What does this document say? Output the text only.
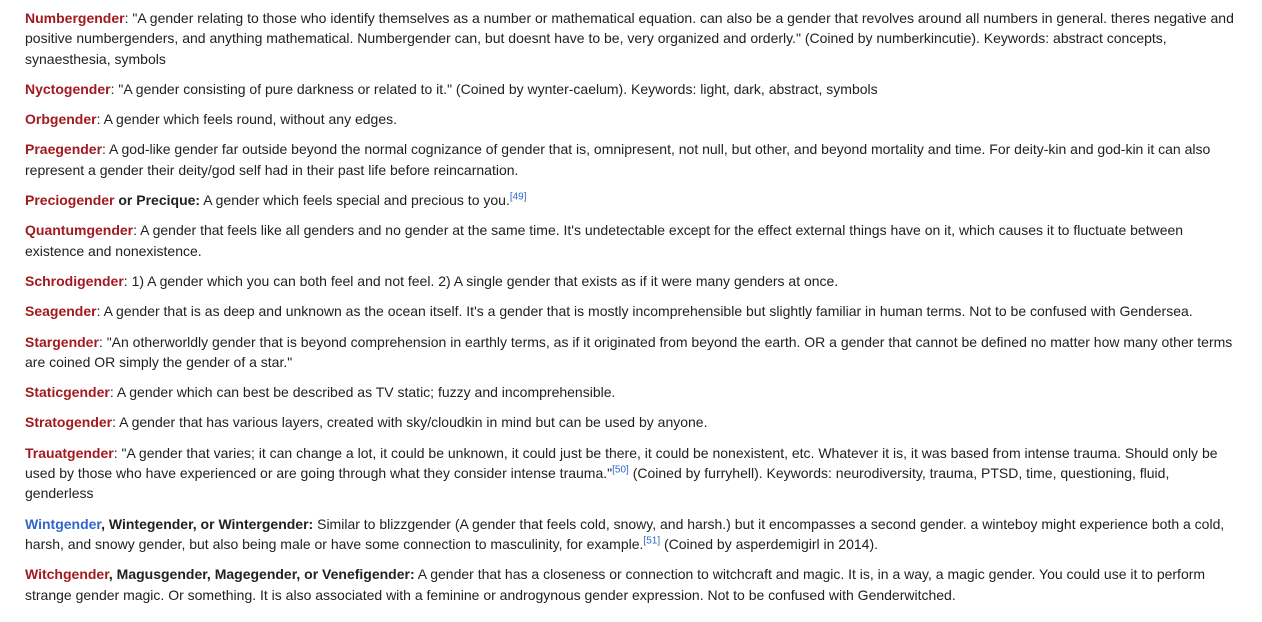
Numbergender: "A gender relating to those who identify themselves as a number or mathematical equation. can also be a gender that revolves around all numbers in general. theres negative and positive numbergenders, and anything mathematical. Numbergender can, but doesnt have to be, very organized and orderly." (Coined by numberkincutie). Keywords: abstract concepts, synaesthesia, symbols

Nyctogender: "A gender consisting of pure darkness or related to it." (Coined by wynter-caelum). Keywords: light, dark, abstract, symbols

Orbgender: A gender which feels round, without any edges.

Praegender: A god-like gender far outside beyond the normal cognizance of gender that is, omnipresent, not null, but other, and beyond mortality and time. For deity-kin and god-kin it can also represent a gender their deity/god self had in their past life before reincarnation.

Preciogender or Precique: A gender which feels special and precious to you.[49]

Quantumgender: A gender that feels like all genders and no gender at the same time. It's undetectable except for the effect external things have on it, which causes it to fluctuate between existence and nonexistence.

Schrodigender: 1) A gender which you can both feel and not feel. 2) A single gender that exists as if it were many genders at once.

Seagender: A gender that is as deep and unknown as the ocean itself. It's a gender that is mostly incomprehensible but slightly familiar in human terms. Not to be confused with Gendersea.

Stargender: "An otherworldly gender that is beyond comprehension in earthly terms, as if it originated from beyond the earth. OR a gender that cannot be defined no matter how many other terms are coined OR simply the gender of a star."

Staticgender: A gender which can best be described as TV static; fuzzy and incomprehensible.

Stratogender: A gender that has various layers, created with sky/cloudkin in mind but can be used by anyone.

Trauatgender: "A gender that varies; it can change a lot, it could be unknown, it could just be there, it could be nonexistent, etc. Whatever it is, it was based from intense trauma. Should only be used by those who have experienced or are going through what they consider intense trauma."[50] (Coined by furryhell). Keywords: neurodiversity, trauma, PTSD, time, questioning, fluid, genderless

Wintgender, Wintegender, or Wintergender: Similar to blizzgender (A gender that feels cold, snowy, and harsh.) but it encompasses a second gender. a winteboy might experience both a cold, harsh, and snowy gender, but also being male or have some connection to masculinity, for example.[51] (Coined by asperdemigirl in 2014).

Witchgender, Magusgender, Magegender, or Venefigender: A gender that has a closeness or connection to witchcraft and magic. It is, in a way, a magic gender. You could use it to perform strange gender magic. Or something. It is also associated with a feminine or androgynous gender expression. Not to be confused with Genderwitched.
